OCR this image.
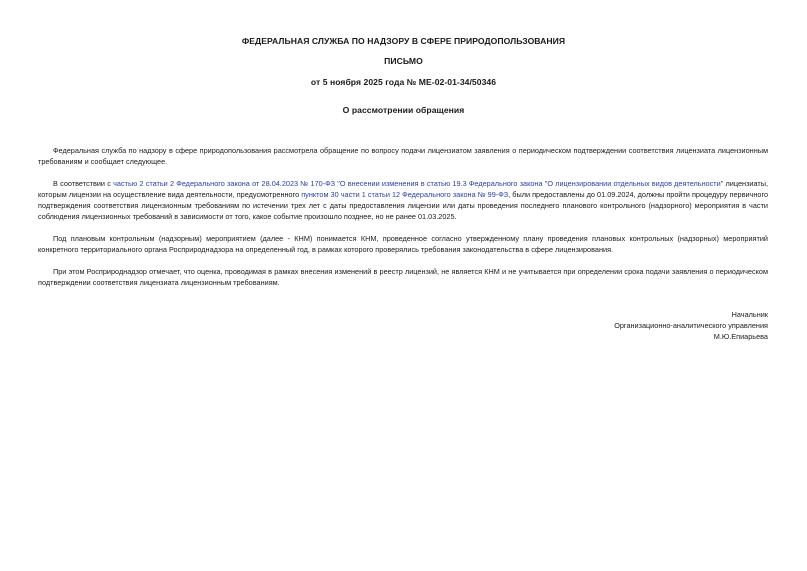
ФЕДЕРАЛЬНАЯ СЛУЖБА ПО НАДЗОРУ В СФЕРЕ ПРИРОДОПОЛЬЗОВАНИЯ
ПИСЬМО
от 5 ноября 2025 года № МЕ-02-01-34/50346
О рассмотрении обращения

Федеральная служба по надзору в сфере природопользования рассмотрела обращение по вопросу подачи лицензиатом заявления о периодическом подтверждении соответствия лицензиата лицензионным требованиям и сообщает следующее.

В соответствии с частью 2 статьи 2 Федерального закона от 28.04.2023 № 170-ФЗ "О внесении изменения в статью 19.3 Федерального закона "О лицензировании отдельных видов деятельности" лицензиаты, которым лицензии на осуществление вида деятельности, предусмотренного пунктом 30 части 1 статьи 12 Федерального закона № 99-ФЗ, были предоставлены до 01.09.2024, должны пройти процедуру первичного подтверждения соответствия лицензионным требованиям по истечении трех лет с даты предоставления лицензии или даты проведения последнего планового контрольного (надзорного) мероприятия в части соблюдения лицензионных требований в зависимости от того, какое событие произошло позднее, но не ранее 01.03.2025.

Под плановым контрольным (надзорным) мероприятием (далее - КНМ) понимается КНМ, проведенное согласно утвержденному плану проведения плановых контрольных (надзорных) мероприятий конкретного территориального органа Росприроднадзора на определенный год, в рамках которого проверялись требования законодательства в сфере лицензирования.

При этом Росприроднадзор отмечает, что оценка, проводимая в рамках внесения изменений в реестр лицензий, не является КНМ и не учитывается при определении срока подачи заявления о периодическом подтверждении соответствия лицензиата лицензионным требованиям.

Начальник
Организационно-аналитического управления
М.Ю.Епиарьева
